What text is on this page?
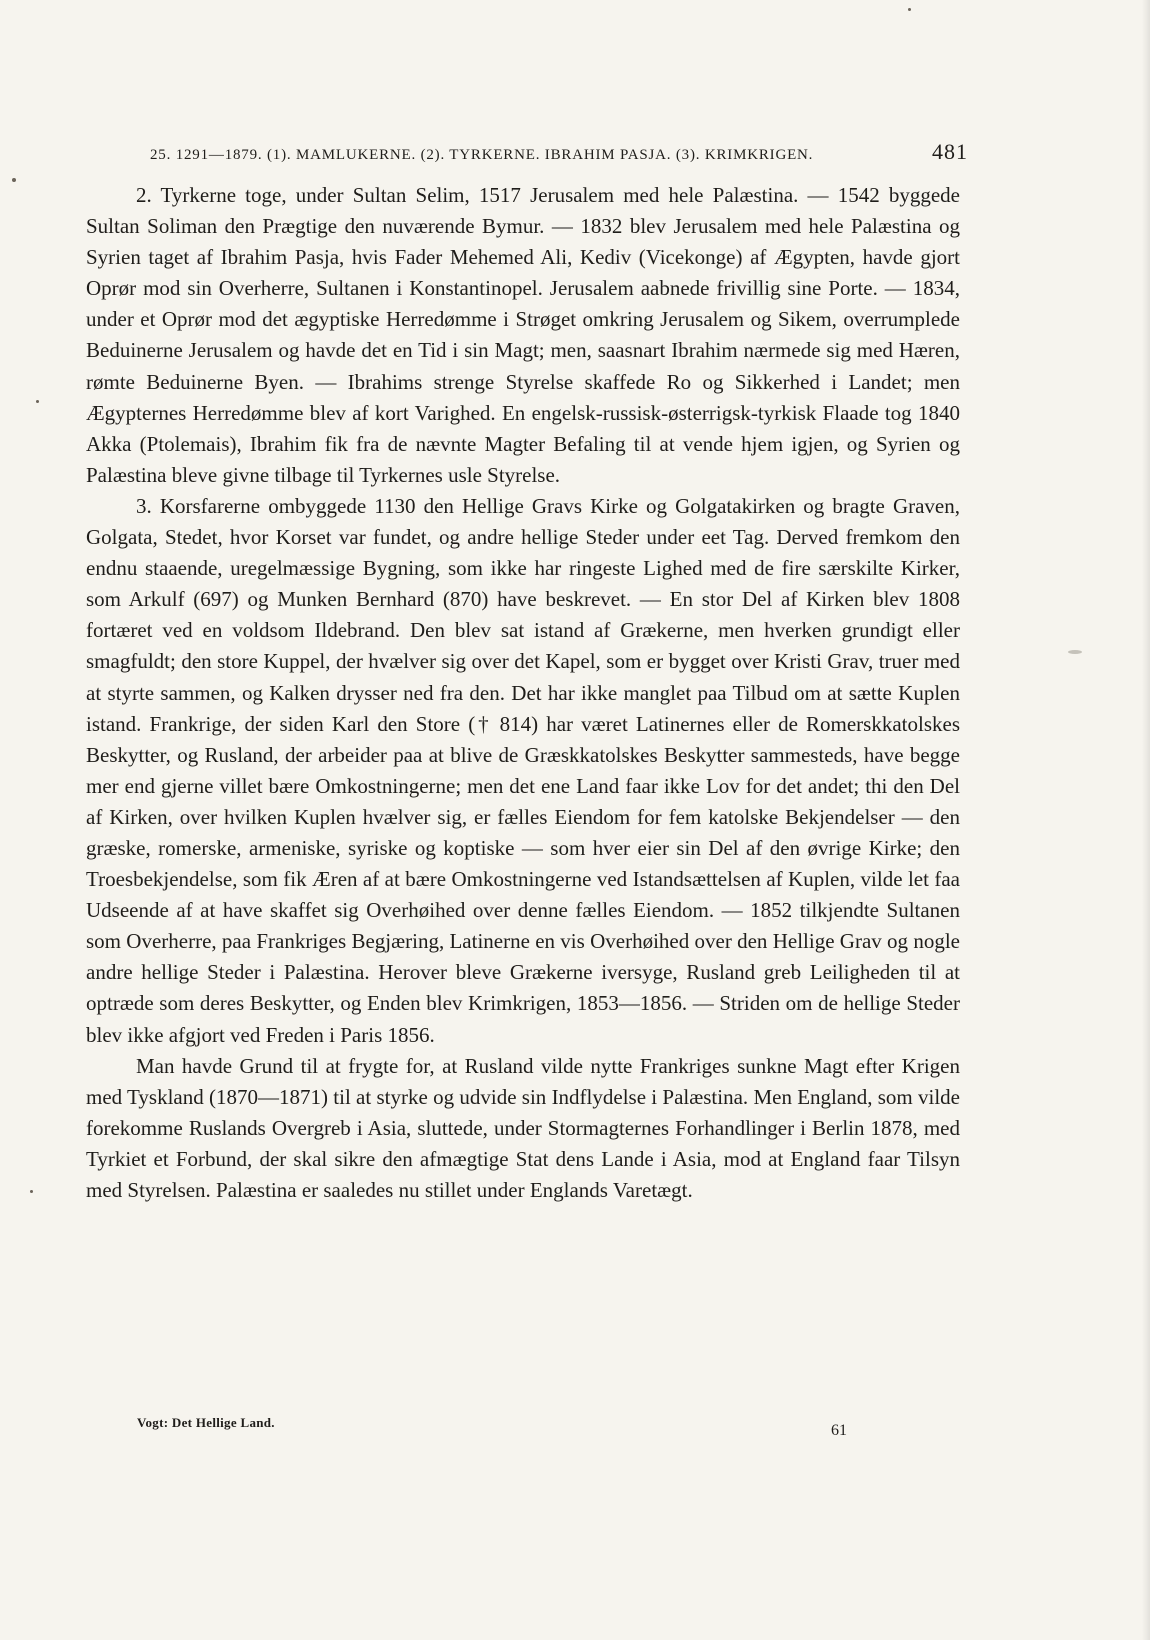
25. 1291—1879. (1). MAMLUKERNE. (2). TYRKERNE. IBRAHIM PASJA. (3). KRIMKRIGEN.	481

2. Tyrkerne toge, under Sultan Selim, 1517 Jerusalem med hele Palæstina. — 1542 byggede Sultan Soliman den Prægtige den nuværende Bymur. — 1832 blev Jerusalem med hele Palæstina og Syrien taget af Ibrahim Pasja, hvis Fader Mehemed Ali, Kediv (Vicekonge) af Ægypten, havde gjort Oprør mod sin Overherre, Sultanen i Konstantinopel. Jerusalem aabnede frivillig sine Porte. — 1834, under et Oprør mod det ægyptiske Herredømme i Strøget omkring Jerusalem og Sikem, overrumplede Beduinerne Jerusalem og havde det en Tid i sin Magt; men, saasnart Ibrahim nærmede sig med Hæren, rømte Beduinerne Byen. — Ibrahims strenge Styrelse skaffede Ro og Sikkerhed i Landet; men Ægypternes Herredømme blev af kort Varighed. En engelsk-russisk-østerrigsk-tyrkisk Flaade tog 1840 Akka (Ptolemais), Ibrahim fik fra de nævnte Magter Befaling til at vende hjem igjen, og Syrien og Palæstina bleve givne tilbage til Tyrkernes usle Styrelse.

3. Korsfarerne ombyggede 1130 den Hellige Gravs Kirke og Golgatakirken og bragte Graven, Golgata, Stedet, hvor Korset var fundet, og andre hellige Steder under eet Tag. Derved fremkom den endnu staaende, uregelmæssige Bygning, som ikke har ringeste Lighed med de fire særskilte Kirker, som Arkulf (697) og Munken Bernhard (870) have beskrevet. — En stor Del af Kirken blev 1808 fortæret ved en voldsom Ildebrand. Den blev sat istand af Grækerne, men hverken grundigt eller smagfuldt; den store Kuppel, der hvælver sig over det Kapel, som er bygget over Kristi Grav, truer med at styrte sammen, og Kalken drysser ned fra den. Det har ikke manglet paa Tilbud om at sætte Kuplen istand. Frankrige, der siden Karl den Store († 814) har været Latinernes eller de Romerskkatolskes Beskytter, og Rusland, der arbeider paa at blive de Græskkatolskes Beskytter sammesteds, have begge mer end gjerne villet bære Omkostningerne; men det ene Land faar ikke Lov for det andet; thi den Del af Kirken, over hvilken Kuplen hvælver sig, er fælles Eiendom for fem katolske Bekjendelser — den græske, romerske, armeniske, syriske og koptiske — som hver eier sin Del af den øvrige Kirke; den Troesbekjendelse, som fik Æren af at bære Omkostningerne ved Istandsættelsen af Kuplen, vilde let faa Udseende af at have skaffet sig Overhøihed over denne fælles Eiendom. — 1852 tilkjendte Sultanen som Overherre, paa Frankriges Begjæring, Latinerne en vis Overhøihed over den Hellige Grav og nogle andre hellige Steder i Palæstina. Herover bleve Grækerne iversyge, Rusland greb Leiligheden til at optræde som deres Beskytter, og Enden blev Krimkrigen, 1853—1856. — Striden om de hellige Steder blev ikke afgjort ved Freden i Paris 1856.

Man havde Grund til at frygte for, at Rusland vilde nytte Frankriges sunkne Magt efter Krigen med Tyskland (1870—1871) til at styrke og udvide sin Indflydelse i Palæstina. Men England, som vilde forekomme Ruslands Overgreb i Asia, sluttede, under Stormagternes Forhandlinger i Berlin 1878, med Tyrkiet et Forbund, der skal sikre den afmægtige Stat dens Lande i Asia, mod at England faar Tilsyn med Styrelsen. Palæstina er saaledes nu stillet under Englands Varetægt.

Vogt: Det Hellige Land.	61
